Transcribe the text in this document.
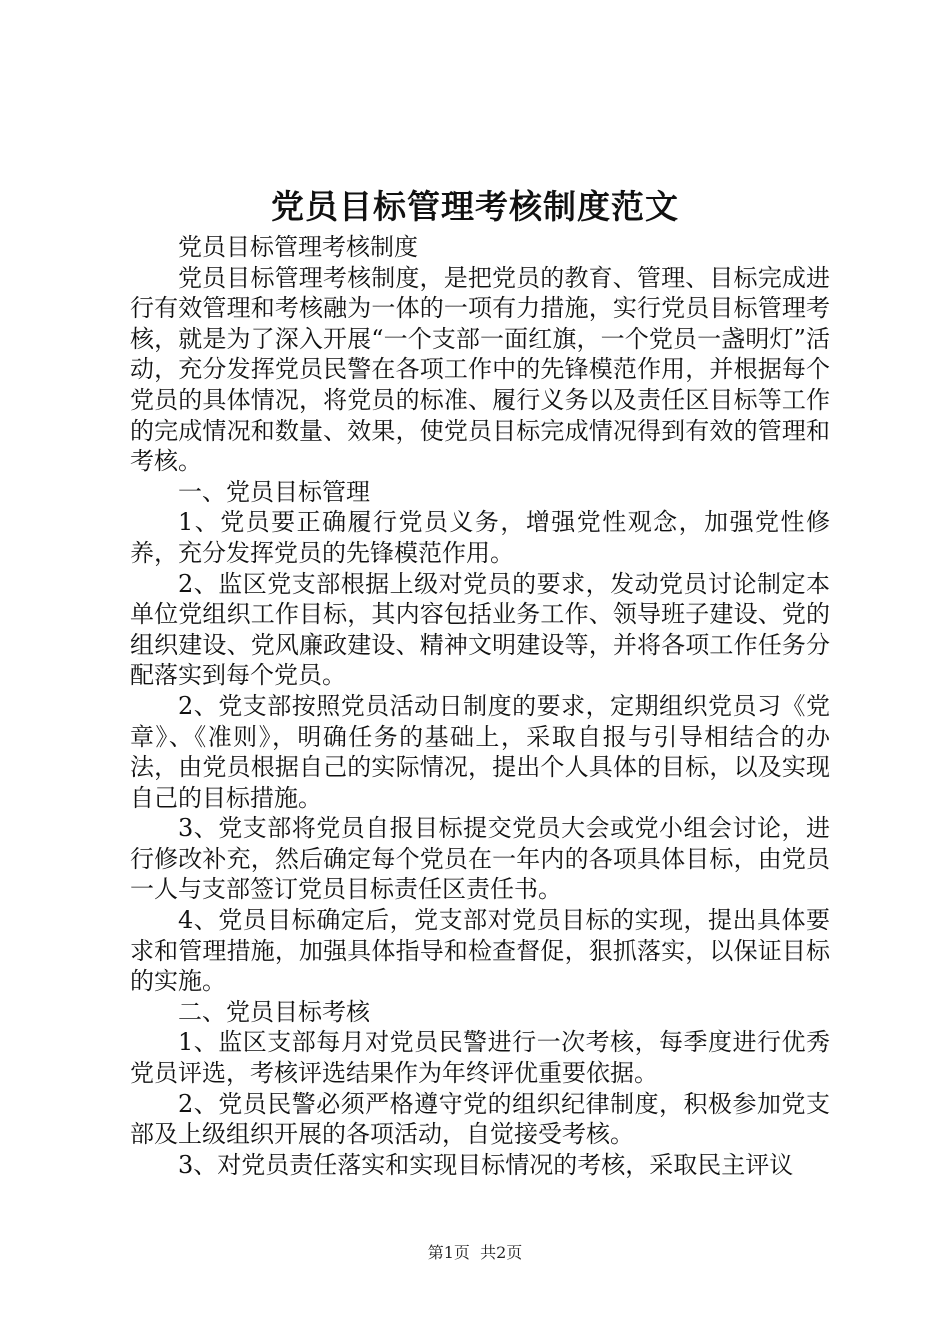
党员目标管理考核制度范文

党员目标管理考核制度

党员目标管理考核制度，是把党员的教育、管理、目标完成进行有效管理和考核融为一体的一项有力措施，实行党员目标管理考核，就是为了深入开展“一个支部一面红旗，一个党员一盏明灯”活动，充分发挥党员民警在各项工作中的先锋模范作用，并根据每个党员的具体情况，将党员的标准、履行义务以及责任区目标等工作的完成情况和数量、效果，使党员目标完成情况得到有效的管理和考核。

一、党员目标管理

1、党员要正确履行党员义务，增强党性观念，加强党性修养，充分发挥党员的先锋模范作用。

2、监区党支部根据上级对党员的要求，发动党员讨论制定本单位党组织工作目标，其内容包括业务工作、领导班子建设、党的组织建设、党风廉政建设、精神文明建设等，并将各项工作任务分配落实到每个党员。

2、党支部按照党员活动日制度的要求，定期组织党员习《党章》、《准则》，明确任务的基础上，采取自报与引导相结合的办法，由党员根据自己的实际情况，提出个人具体的目标，以及实现自己的目标措施。

3、党支部将党员自报目标提交党员大会或党小组会讨论，进行修改补充，然后确定每个党员在一年内的各项具体目标，由党员一人与支部签订党员目标责任区责任书。

4、党员目标确定后，党支部对党员目标的实现，提出具体要求和管理措施，加强具体指导和检查督促，狠抓落实，以保证目标的实施。

二、党员目标考核

1、监区支部每月对党员民警进行一次考核，每季度进行优秀党员评选，考核评选结果作为年终评优重要依据。

2、党员民警必须严格遵守党的组织纪律制度，积极参加党支部及上级组织开展的各项活动，自觉接受考核。

3、对党员责任落实和实现目标情况的考核，采取民主评议

第1页 共2页
